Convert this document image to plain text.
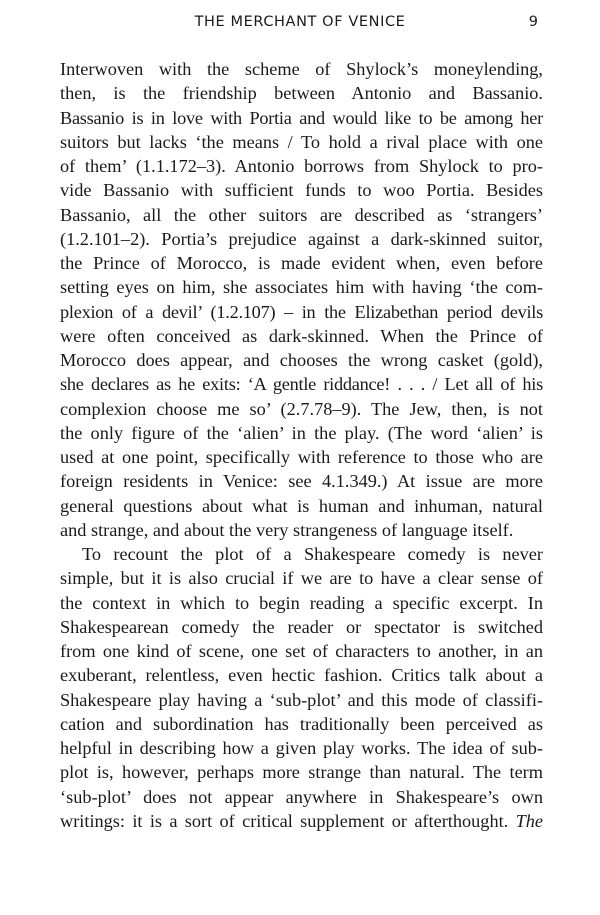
THE MERCHANT OF VENICE	9
Interwoven with the scheme of Shylock’s moneylending,
then, is the friendship between Antonio and Bassanio.
Bassanio is in love with Portia and would like to be among her
suitors but lacks ‘the means / To hold a rival place with one
of them’ (1.1.172–3). Antonio borrows from Shylock to pro-
vide Bassanio with sufficient funds to woo Portia. Besides
Bassanio, all the other suitors are described as ‘strangers’
(1.2.101–2). Portia’s prejudice against a dark-skinned suitor,
the Prince of Morocco, is made evident when, even before
setting eyes on him, she associates him with having ‘the com-
plexion of a devil’ (1.2.107) – in the Elizabethan period devils
were often conceived as dark-skinned. When the Prince of
Morocco does appear, and chooses the wrong casket (gold),
she declares as he exits: ‘A gentle riddance! . . . / Let all of his
complexion choose me so’ (2.7.78–9). The Jew, then, is not
the only figure of the ‘alien’ in the play. (The word ‘alien’ is
used at one point, specifically with reference to those who are
foreign residents in Venice: see 4.1.349.) At issue are more
general questions about what is human and inhuman, natural
and strange, and about the very strangeness of language itself.
To recount the plot of a Shakespeare comedy is never
simple, but it is also crucial if we are to have a clear sense of
the context in which to begin reading a specific excerpt. In
Shakespearean comedy the reader or spectator is switched
from one kind of scene, one set of characters to another, in an
exuberant, relentless, even hectic fashion. Critics talk about a
Shakespeare play having a ‘sub-plot’ and this mode of classifi-
cation and subordination has traditionally been perceived as
helpful in describing how a given play works. The idea of sub-
plot is, however, perhaps more strange than natural. The term
‘sub-plot’ does not appear anywhere in Shakespeare’s own
writings: it is a sort of critical supplement or afterthought. The
